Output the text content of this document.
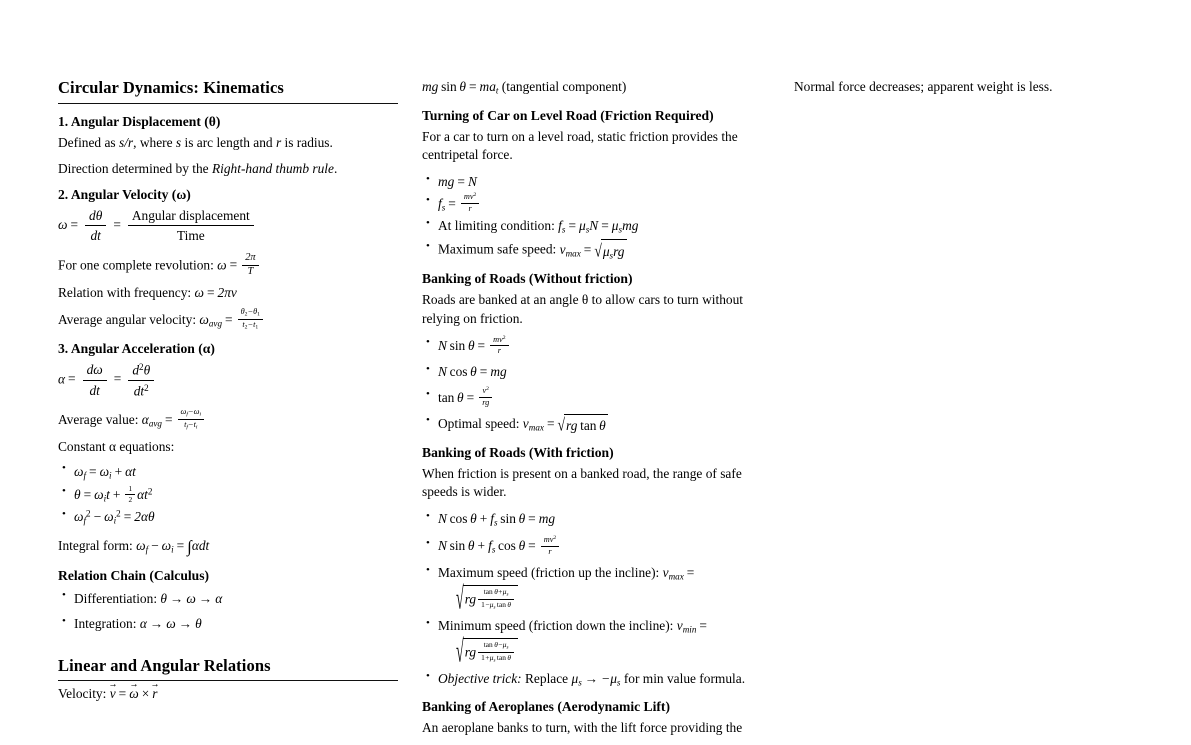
Circular Dynamics: Kinematics
1. Angular Displacement (θ)

Defined as s/r, where s is arc length and r is radius.

Direction determined by the Right-hand thumb rule.

2. Angular Velocity (ω)
$\omega = \frac{d\theta}{dt} = \frac{\text{Angular displacement}}{\text{Time}}$

For one complete revolution: $\omega = \frac{2\pi}{T}$

Relation with frequency: ω = 2πν

Average angular velocity: $\omega_{avg} = \frac{\theta_2-\theta_1}{t_2-t_1}$

3. Angular Acceleration (α)
$\alpha = \frac{d\omega}{dt} = \frac{d^2\theta}{dt^2}$

Average value: $\alpha_{avg} = \frac{\omega_f-\omega_i}{t_f-t_i}$

Constant α equations:

• $\omega_f = \omega_i + \alpha t$
• $\theta = \omega_it + \frac{1}{2} \alpha t^2$
• $\omega_f^2 - \omega_i^2 = 2\alpha\theta$

Integral form: $\omega_f - \omega_i = \int\alpha dt$

Relation Chain (Calculus)
• Differentiation: θ → ω → α
• Integration: α → ω → θ
Linear and Angular Relations

Velocity: v → = ω → × r →

mg  $\sin \theta = ma_t$ (tangential component)

Turning of Car on Level Road (Friction Required)

For a car to turn on a level road, static friction provides the centripetal force.

• mg = N
• $f_s = \frac{mv^2}{r}$
• At limiting condition: $f_s = \mu_sN = \mu_smg$
• Maximum safe speed: $v_{max} = √\mu_srg$
Banking of Roads (Without friction)

Roads are banked at an angle θ to allow cars to turn without relying on friction.

• N  $\sin \theta = \frac{mv^2}{r}$
• N  cos θ = mg
• $\tan \theta = \frac{v^2}{rg}$
• Optimal speed: $v_{max} = √rg$ tan θ
Banking of Roads (With friction)

When friction is present on a banked road, the range of safe speeds is wider.

• N $\cos \theta + f_s$ sin θ = mg
• N $\sin \theta + f_s$ $\cos \theta = \frac{mv^2}{r}$
• Maximum speed (friction up the incline): $v_{max}$ =
$√rg \frac{\tan \theta+\mu_s}{1-\mu_s \tan \theta}$
• Minimum speed (friction down the incline): $v_{min}$ =
$√rg \frac{\tan \theta-\mu_s}{1+\mu_s \tan \theta}$
• Objective trick: Replace $\mu_s \to -\mu_s$ for min value formula.
Banking of Aeroplanes (Aerodynamic Lift)

An aeroplane banks to turn, with the lift force providing the

Normal force decreases; apparent weight is less.
